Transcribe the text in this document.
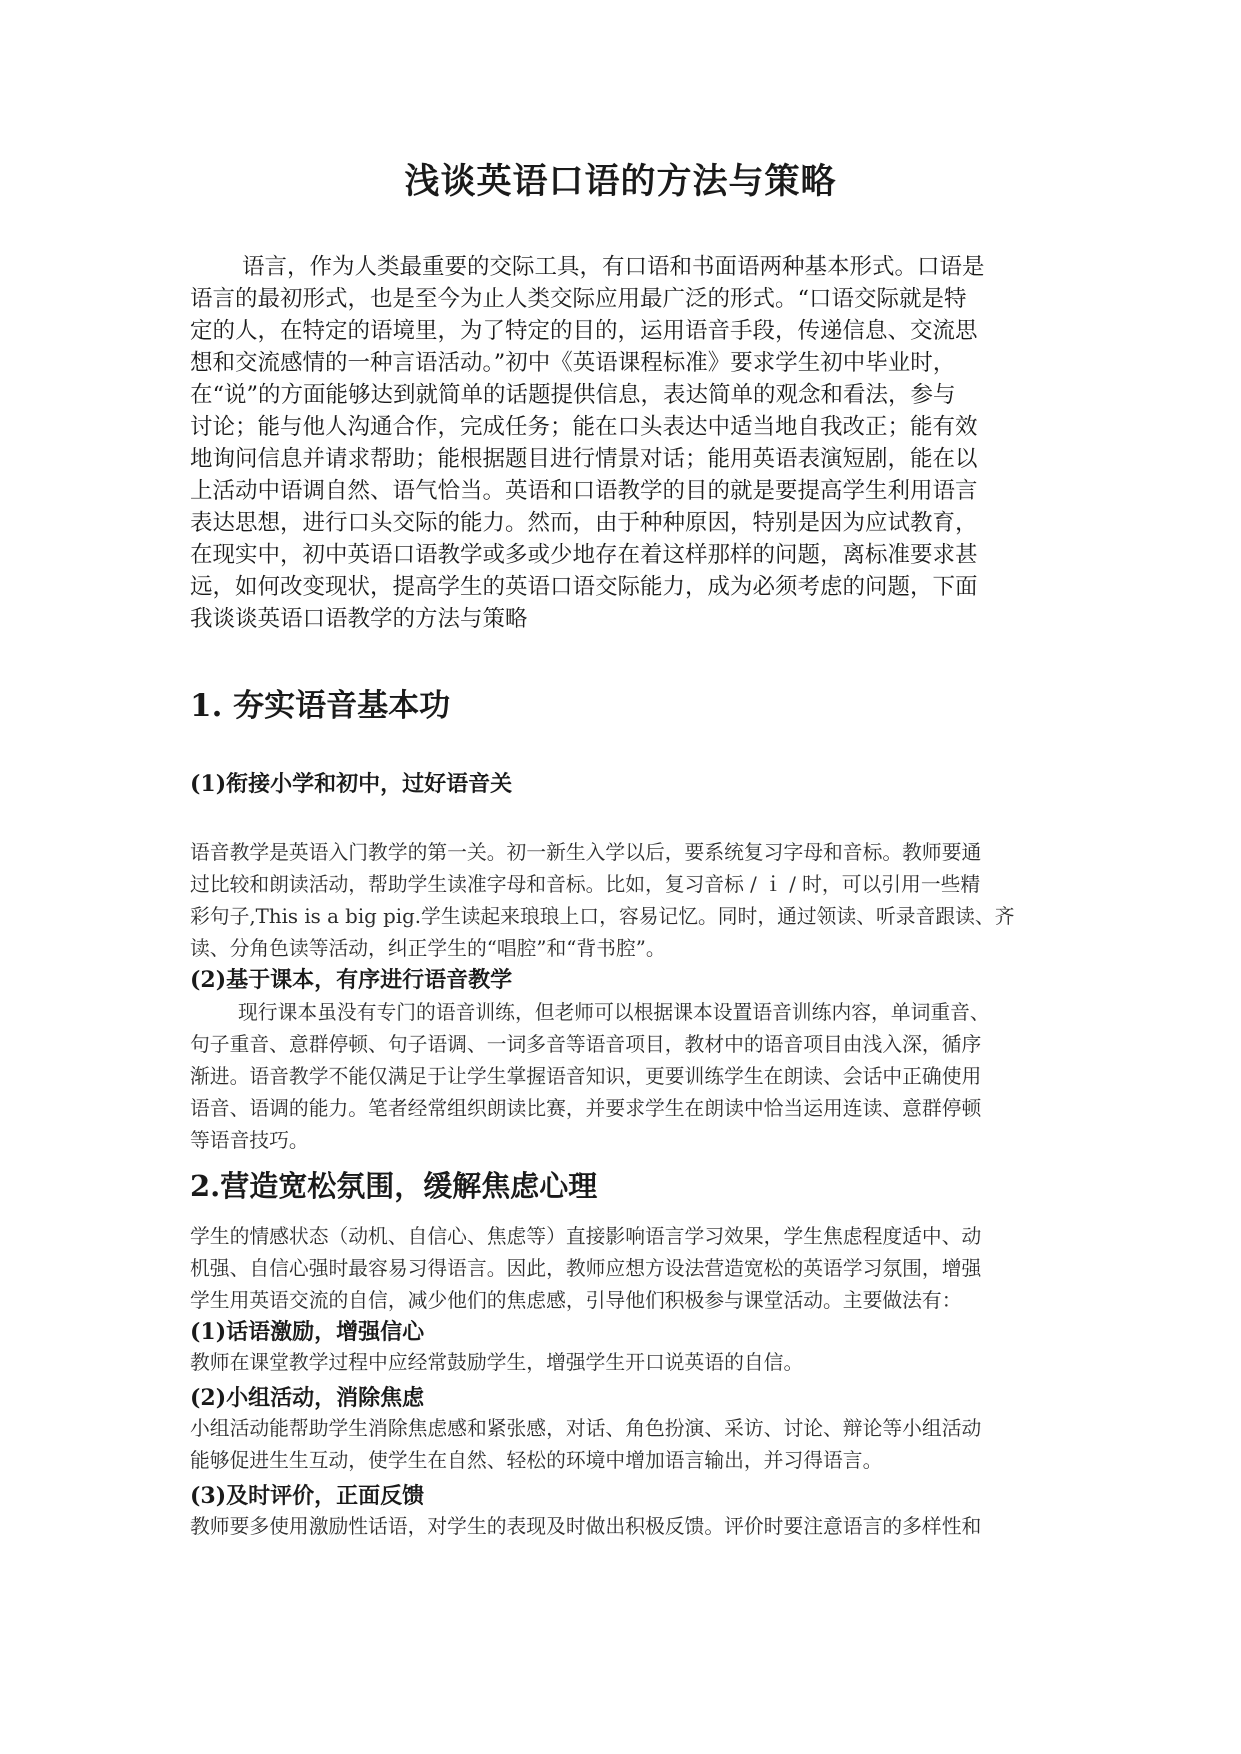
浅谈英语口语的方法与策略
语言，作为人类最重要的交际工具，有口语和书面语两种基本形式。口语是
语言的最初形式，也是至今为止人类交际应用最广泛的形式。“口语交际就是特
定的人，在特定的语境里，为了特定的目的，运用语音手段，传递信息、交流思
想和交流感情的一种言语活动。”初中《英语课程标准》要求学生初中毕业时，
在“说”的方面能够达到就简单的话题提供信息，表达简单的观念和看法，参与
讨论；能与他人沟通合作，完成任务；能在口头表达中适当地自我改正；能有效
地询问信息并请求帮助；能根据题目进行情景对话；能用英语表演短剧，能在以
上活动中语调自然、语气恰当。英语和口语教学的目的就是要提高学生利用语言
表达思想，进行口头交际的能力。然而，由于种种原因，特别是因为应试教育，
在现实中，初中英语口语教学或多或少地存在着这样那样的问题，离标准要求甚
远，如何改变现状，提高学生的英语口语交际能力，成为必须考虑的问题，下面
我谈谈英语口语教学的方法与策略
1. 夯实语音基本功
(1)衔接小学和初中，过好语音关
语音教学是英语入门教学的第一关。初一新生入学以后，要系统复习字母和音标。教师要通
过比较和朗读活动，帮助学生读准字母和音标。比如，复习音标 / ｉ / 时，可以引用一些精
彩句子,This is a big pig.学生读起来琅琅上口，容易记忆。同时，通过领读、听录音跟读、齐
读、分角色读等活动，纠正学生的“唱腔”和“背书腔”。
(2)基于课本，有序进行语音教学
现行课本虽没有专门的语音训练，但老师可以根据课本设置语音训练内容，单词重音、
句子重音、意群停顿、句子语调、一词多音等语音项目，教材中的语音项目由浅入深，循序
渐进。语音教学不能仅满足于让学生掌握语音知识，更要训练学生在朗读、会话中正确使用
语音、语调的能力。笔者经常组织朗读比赛，并要求学生在朗读中恰当运用连读、意群停顿
等语音技巧。
2.营造宽松氛围，缓解焦虑心理
学生的情感状态（动机、自信心、焦虑等）直接影响语言学习效果，学生焦虑程度适中、动
机强、自信心强时最容易习得语言。因此，教师应想方设法营造宽松的英语学习氛围，增强
学生用英语交流的自信，减少他们的焦虑感，引导他们积极参与课堂活动。主要做法有：
(1)话语激励，增强信心
教师在课堂教学过程中应经常鼓励学生，增强学生开口说英语的自信。
(2)小组活动，消除焦虑
小组活动能帮助学生消除焦虑感和紧张感，对话、角色扮演、采访、讨论、辩论等小组活动
能够促进生生互动，使学生在自然、轻松的环境中增加语言输出，并习得语言。
(3)及时评价，正面反馈
教师要多使用激励性话语，对学生的表现及时做出积极反馈。评价时要注意语言的多样性和
